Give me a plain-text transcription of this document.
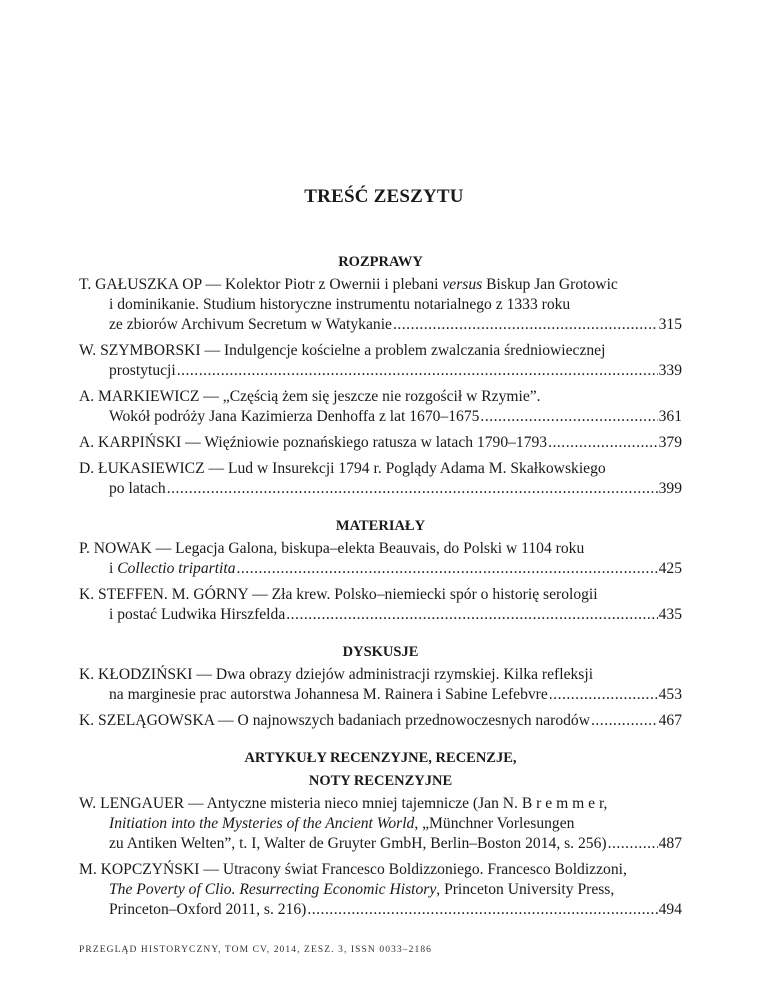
TREŚĆ ZESZYTU
ROZPRAWY
T. GAŁUSZKA OP — Kolektor Piotr z Owernii i plebani versus Biskup Jan Grotowic
i dominikanie. Studium historyczne instrumentu notarialnego z 1333 roku
ze zbiorów Archivum Secretum w Watykanie .....	315
W. SZYMBORSKI — Indulgencje kościelne a problem zwalczania średniowiecznej
prostytucji .....	339
A. MARKIEWICZ — „Częścią żem się jeszcze nie rozgościł w Rzymie”.
Wokół podróży Jana Kazimierza Denhoffa z lat 1670–1675 .....	361
A. KARPIŃSKI — Więźniowie poznańskiego ratusza w latach 1790–1793 .....	379
D. ŁUKASIEWICZ — Lud w Insurekcji 1794 r. Poglądy Adama M. Skałkowskiego
po latach .....	399
MATERIAŁY
P. NOWAK — Legacja Galona, biskupa–elekta Beauvais, do Polski w 1104 roku
i Collectio tripartita .....	425
K. STEFFEN. M. GÓRNY — Zła krew. Polsko–niemiecki spór o historię serologii
i postać Ludwika Hirszfelda .....	435
DYSKUSJE
K. KŁODZIŃSKI — Dwa obrazy dziejów administracji rzymskiej. Kilka refleksji
na marginesie prac autorstwa Johannesa M. Rainera i Sabine Lefebvre .....	453
K. SZELĄGOWSKA — O najnowszych badaniach przednowoczesnych narodów .....	467
ARTYKUŁY RECENZYJNE, RECENZJE,
NOTY RECENZYJNE
W. LENGAUER — Antyczne misteria nieco mniej tajemnicze (Jan N. B r e m m e r,
Initiation into the Mysteries of the Ancient World, „Münchner Vorlesungen
zu Antiken Welten”, t. I, Walter de Gruyter GmbH, Berlin–Boston 2014, s. 256) .....	487
M. KOPCZYŃSKI — Utracony świat Francesco Boldizzoniego. Francesco Boldizzoni,
The Poverty of Clio. Resurrecting Economic History, Princeton University Press,
Princeton–Oxford 2011, s. 216) .....	494
PRZEGLĄD HISTORYCZNY, TOM CV, 2014, ZESZ. 3, ISSN 0033–2186
